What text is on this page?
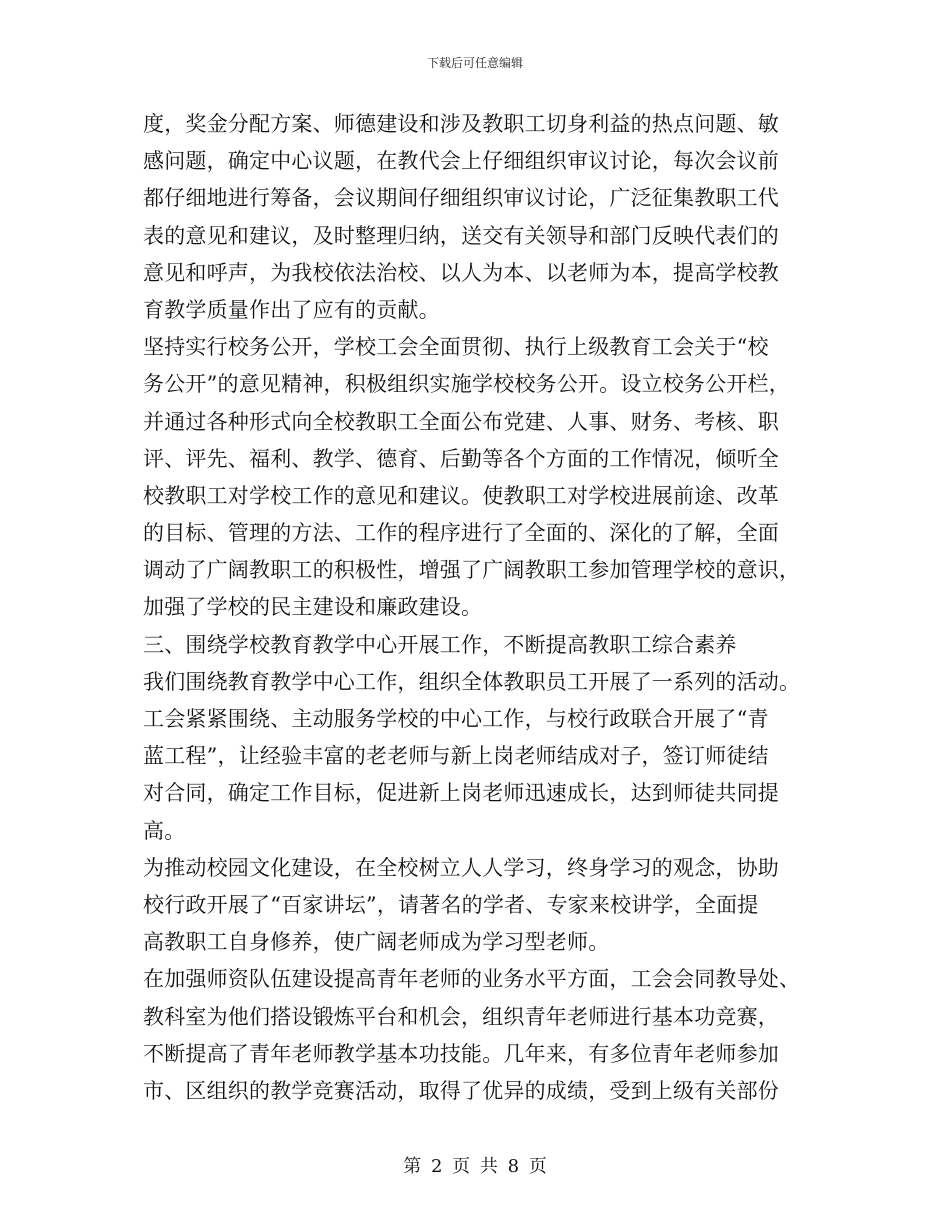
下载后可任意编辑
度，奖金分配方案、师德建设和涉及教职工切身利益的热点问题、敏
感问题，确定中心议题，在教代会上仔细组织审议讨论，每次会议前
都仔细地进行筹备，会议期间仔细组织审议讨论，广泛征集教职工代
表的意见和建议，及时整理归纳，送交有关领导和部门反映代表们的
意见和呼声，为我校依法治校、以人为本、以老师为本，提高学校教
育教学质量作出了应有的贡献。
坚持实行校务公开，学校工会全面贯彻、执行上级教育工会关于“校
务公开”的意见精神，积极组织实施学校校务公开。设立校务公开栏，
并通过各种形式向全校教职工全面公布党建、人事、财务、考核、职
评、评先、福利、教学、德育、后勤等各个方面的工作情况，倾听全
校教职工对学校工作的意见和建议。使教职工对学校进展前途、改革
的目标、管理的方法、工作的程序进行了全面的、深化的了解，全面
调动了广阔教职工的积极性，增强了广阔教职工参加管理学校的意识，
加强了学校的民主建设和廉政建设。
三、围绕学校教育教学中心开展工作，不断提高教职工综合素养
我们围绕教育教学中心工作，组织全体教职员工开展了一系列的活动。
工会紧紧围绕、主动服务学校的中心工作，与校行政联合开展了“青
蓝工程”，让经验丰富的老老师与新上岗老师结成对子，签订师徒结
对合同，确定工作目标，促进新上岗老师迅速成长，达到师徒共同提
高。
为推动校园文化建设，在全校树立人人学习，终身学习的观念，协助
校行政开展了“百家讲坛”，请著名的学者、专家来校讲学，全面提
高教职工自身修养，使广阔老师成为学习型老师。
在加强师资队伍建设提高青年老师的业务水平方面，工会会同教导处、
教科室为他们搭设锻炼平台和机会，组织青年老师进行基本功竞赛，
不断提高了青年老师教学基本功技能。几年来，有多位青年老师参加
市、区组织的教学竞赛活动，取得了优异的成绩，受到上级有关部份
第 2 页 共 8 页
